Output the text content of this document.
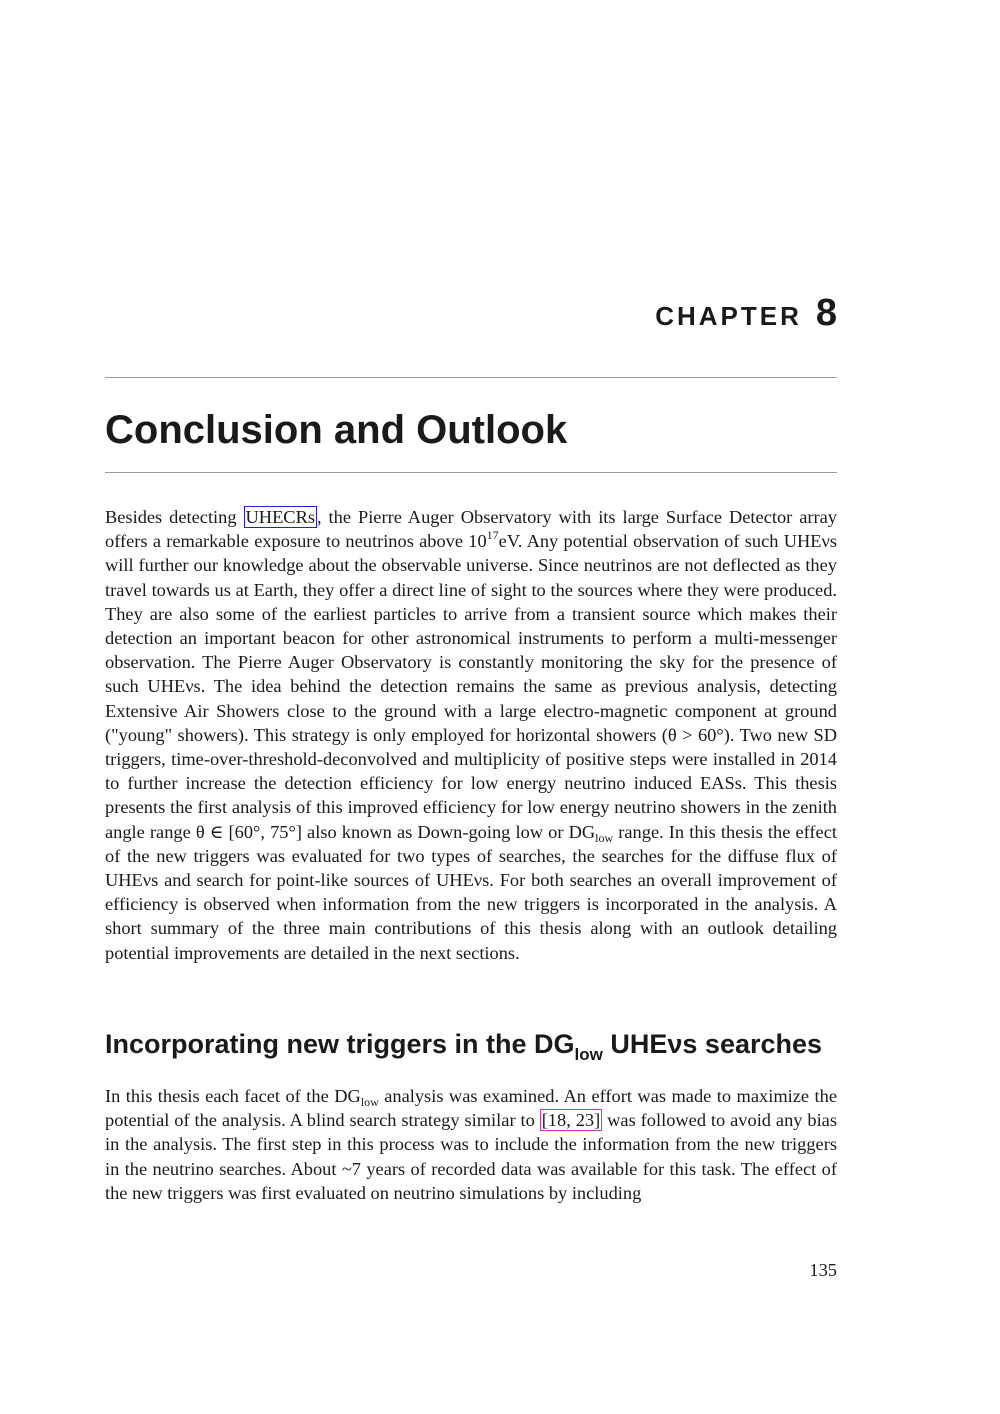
CHAPTER 8
Conclusion and Outlook

Besides detecting UHECRs , the Pierre Auger Observatory with its large Surface Detector array offers a remarkable exposure to neutrinos above $10^{17}eV$. Any potential observation of such UHEνs will further our knowledge about the observable universe. Since neutrinos are not deflected as they travel towards us at Earth, they offer a direct line of sight to the sources where they were produced. They are also some of the earliest particles to arrive from a transient source which makes their detection an important beacon for other astronomical instruments to perform a multi-messenger observation. The Pierre Auger Observatory is constantly monitoring the sky for the presence of such UHEνs. The idea behind the detection remains the same as previous analysis, detecting Extensive Air Showers close to the ground with a large electro-magnetic component at ground ("young" showers). This strategy is only employed for horizontal showers (θ > 60°). Two new SD triggers, time-over-threshold-deconvolved and multiplicity of positive steps were installed in 2014 to further increase the detection efficiency for low energy neutrino induced EASs. This thesis presents the first analysis of this improved efficiency for low energy neutrino showers in the zenith angle range θ ∈ [60°, 75°] also known as Down-going low or $DG_{low}$ range. In this thesis the effect of the new triggers was evaluated for two types of searches, the searches for the diffuse flux of UHEνs and search for point-like sources of UHEνs. For both searches an overall improvement of efficiency is observed when information from the new triggers is incorporated in the analysis. A short summary of the three main contributions of this thesis along with an outlook detailing potential improvements are detailed in the next sections.

Incorporating new triggers in the $DG_{low}$ UHEνs searches

In this thesis each facet of the $DG_{low}$ analysis was examined. An effort was made to maximize the potential of the analysis. A blind search strategy similar to [18, 23] was followed to avoid any bias in the analysis. The first step in this process was to include the information from the new triggers in the neutrino searches. About ~7 years of recorded data was available for this task. The effect of the new triggers was first evaluated on neutrino simulations by including

135
